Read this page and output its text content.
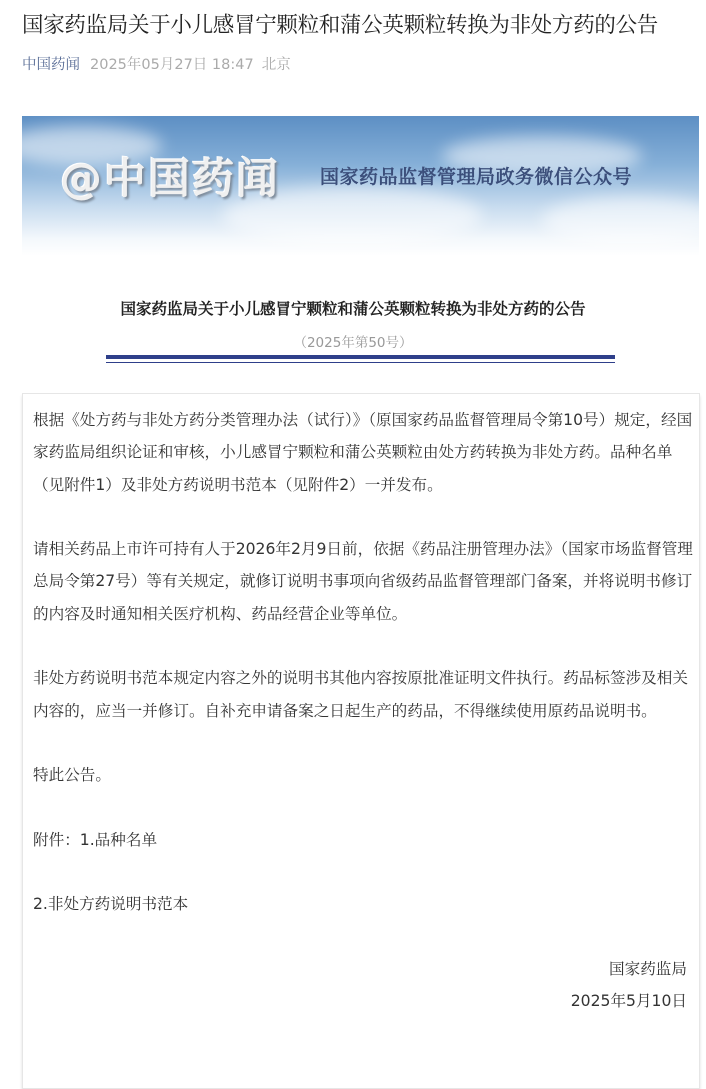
国家药监局关于小儿感冒宁颗粒和蒲公英颗粒转换为非处方药的公告
中国药闻 2025年05月27日 18:47 北京
@中国药闻 国家药品监督管理局政务微信公众号
国家药监局关于小儿感冒宁颗粒和蒲公英颗粒转换为非处方药的公告
（2025年第50号）

根据《处方药与非处方药分类管理办法（试行）》（原国家药品监督管理局令第10号）规定，经国家药监局组织论证和审核，小儿感冒宁颗粒和蒲公英颗粒由处方药转换为非处方药。品种名单（见附件1）及非处方药说明书范本（见附件2）一并发布。

请相关药品上市许可持有人于2026年2月9日前，依据《药品注册管理办法》（国家市场监督管理总局令第27号）等有关规定，就修订说明书事项向省级药品监督管理部门备案，并将说明书修订的内容及时通知相关医疗机构、药品经营企业等单位。

非处方药说明书范本规定内容之外的说明书其他内容按原批准证明文件执行。药品标签涉及相关内容的，应当一并修订。自补充申请备案之日起生产的药品，不得继续使用原药品说明书。

特此公告。

附件：1.品种名单

2.非处方药说明书范本

国家药监局

2025年5月10日
